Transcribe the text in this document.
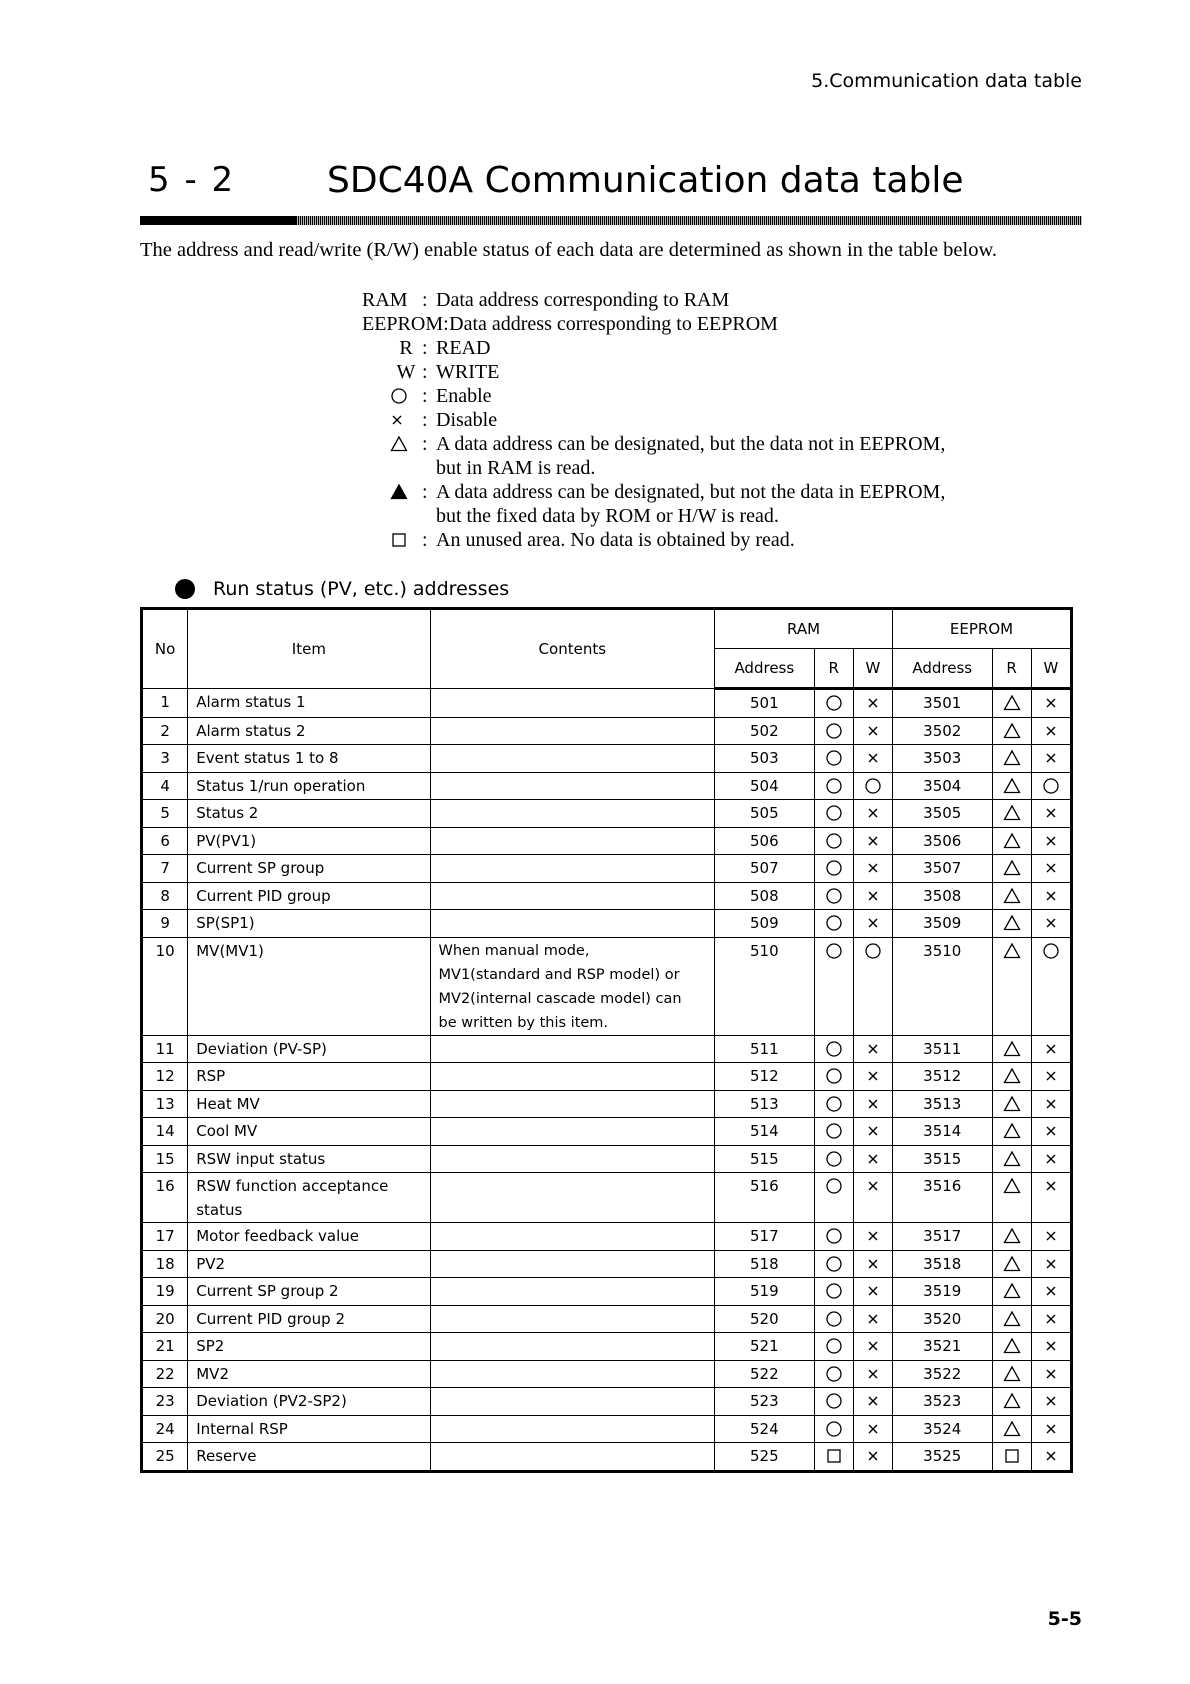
5.Communication data table
5 - 2	SDC40A Communication data table
The address and read/write (R/W) enable status of each data are determined as shown in the table below.
RAM : Data address corresponding to RAM
EEPROM : Data address corresponding to EEPROM
R : READ
W : WRITE
: Enable
: Disable
: A data address can be designated, but the data not in EEPROM,
but in RAM is read.
: A data address can be designated, but not the data in EEPROM,
but the fixed data by ROM or H/W is read.
: An unused area. No data is obtained by read.
Run status (PV, etc.) addresses
No	Item	Contents	RAM			EEPROM		
			Address	R	W	Address	R	W
1	Alarm status 1		501			3501	

2	Alarm status 2		502			3502	

3	Event status 1 to 8		503			3503	

4	Status 1/run operation		504			3504	

5	Status 2		505			3505	

6	PV(PV1)		506			3506	

7	Current SP group		507			3507	

8	Current PID group		508			3508	

9	SP(SP1)		509			3509	

10	MV(MV1)	When manual mode,
MV1(standard and RSP model) or
MV2(internal cascade model) can
be written by this item.	510			3510	

11	Deviation (PV-SP)		511			3511	

12	RSP		512			3512	

13	Heat MV		513			3513	

14	Cool MV		514			3514	

15	RSW input status		515			3515	

16	RSW function acceptance
status		516			3516	

17	Motor feedback value		517			3517	

18	PV2		518			3518	

19	Current SP group 2		519			3519	

20	Current PID group 2		520			3520	

21	SP2		521			3521	

22	MV2		522			3522	

23	Deviation (PV2-SP2)		523			3523	

24	Internal RSP		524			3524	

25	Reserve		525			3525	

5-5
